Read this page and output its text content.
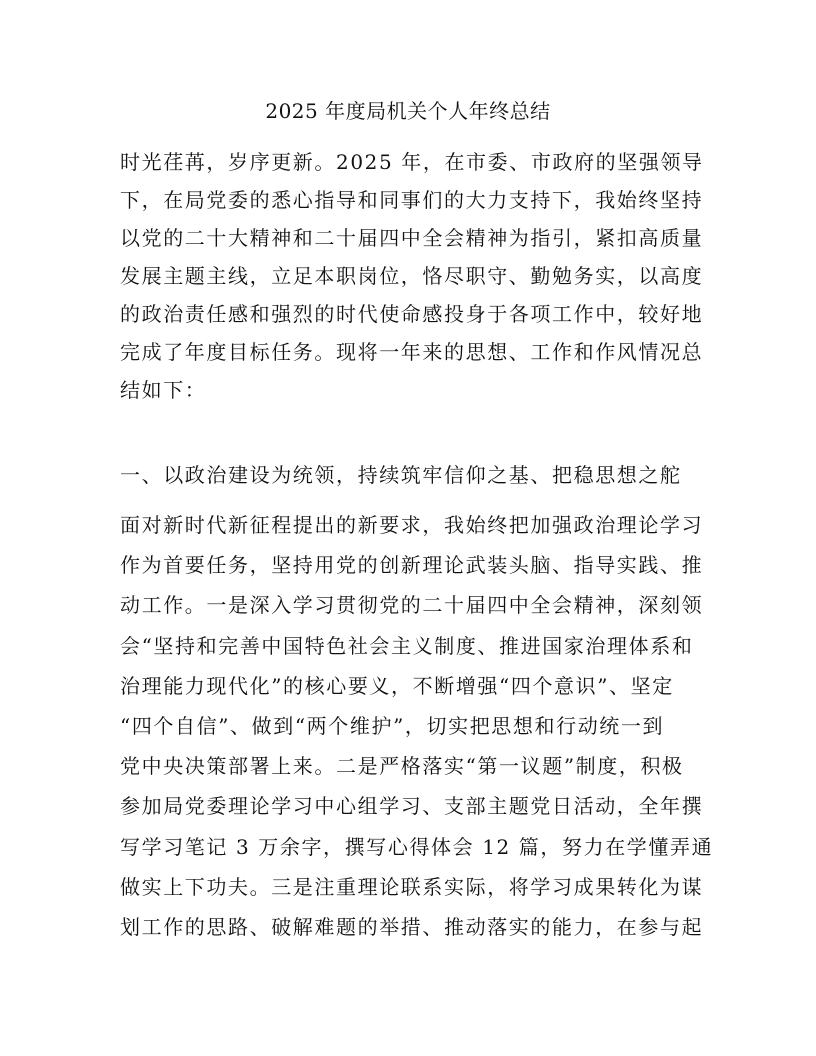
2025 年度局机关个人年终总结
时光荏苒，岁序更新。2025 年，在市委、市政府的坚强领导
下，在局党委的悉心指导和同事们的大力支持下，我始终坚持
以党的二十大精神和二十届四中全会精神为指引，紧扣高质量
发展主题主线，立足本职岗位，恪尽职守、勤勉务实，以高度
的政治责任感和强烈的时代使命感投身于各项工作中，较好地
完成了年度目标任务。现将一年来的思想、工作和作风情况总
结如下：
一、以政治建设为统领，持续筑牢信仰之基、把稳思想之舵
面对新时代新征程提出的新要求，我始终把加强政治理论学习
作为首要任务，坚持用党的创新理论武装头脑、指导实践、推
动工作。一是深入学习贯彻党的二十届四中全会精神，深刻领
会“坚持和完善中国特色社会主义制度、推进国家治理体系和
治理能力现代化”的核心要义，不断增强“四个意识”、坚定
“四个自信”、做到“两个维护”，切实把思想和行动统一到
党中央决策部署上来。二是严格落实“第一议题”制度，积极
参加局党委理论学习中心组学习、支部主题党日活动，全年撰
写学习笔记 3 万余字，撰写心得体会 12 篇，努力在学懂弄通
做实上下功夫。三是注重理论联系实际，将学习成果转化为谋
划工作的思路、破解难题的举措、推动落实的能力，在参与起
